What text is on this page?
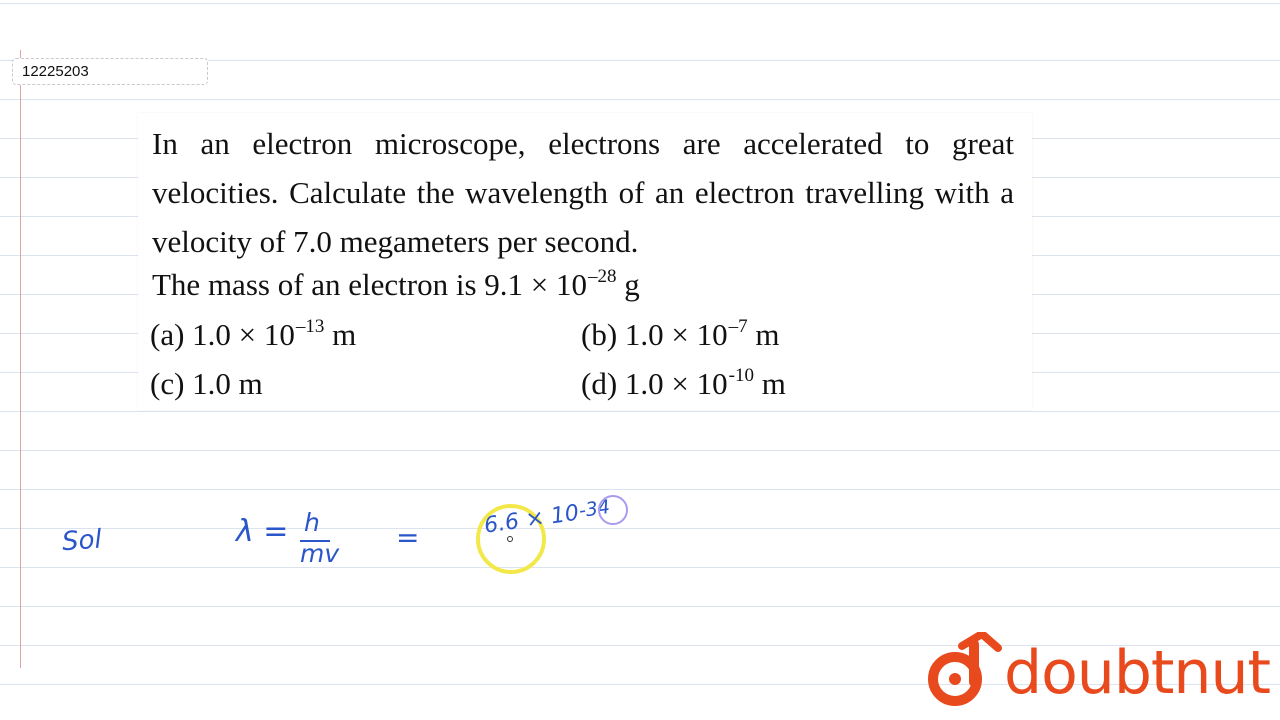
12225203
In an electron microscope, electrons are accelerated to great velocities. Calculate the wavelength of an electron travelling with a velocity of 7.0 megameters per second.
The mass of an electron is $9.1 \times 10^{-28}$ g
(a) $1.0 \times 10^{-13}$ m	(b) $1.0 \times 10^{-7}$ m
(c) 1.0 m	(d) $1.0 \times 10^{-10}$ m
Sol	λ = h
mv =	6.6 × 10
-34
doubtnut
